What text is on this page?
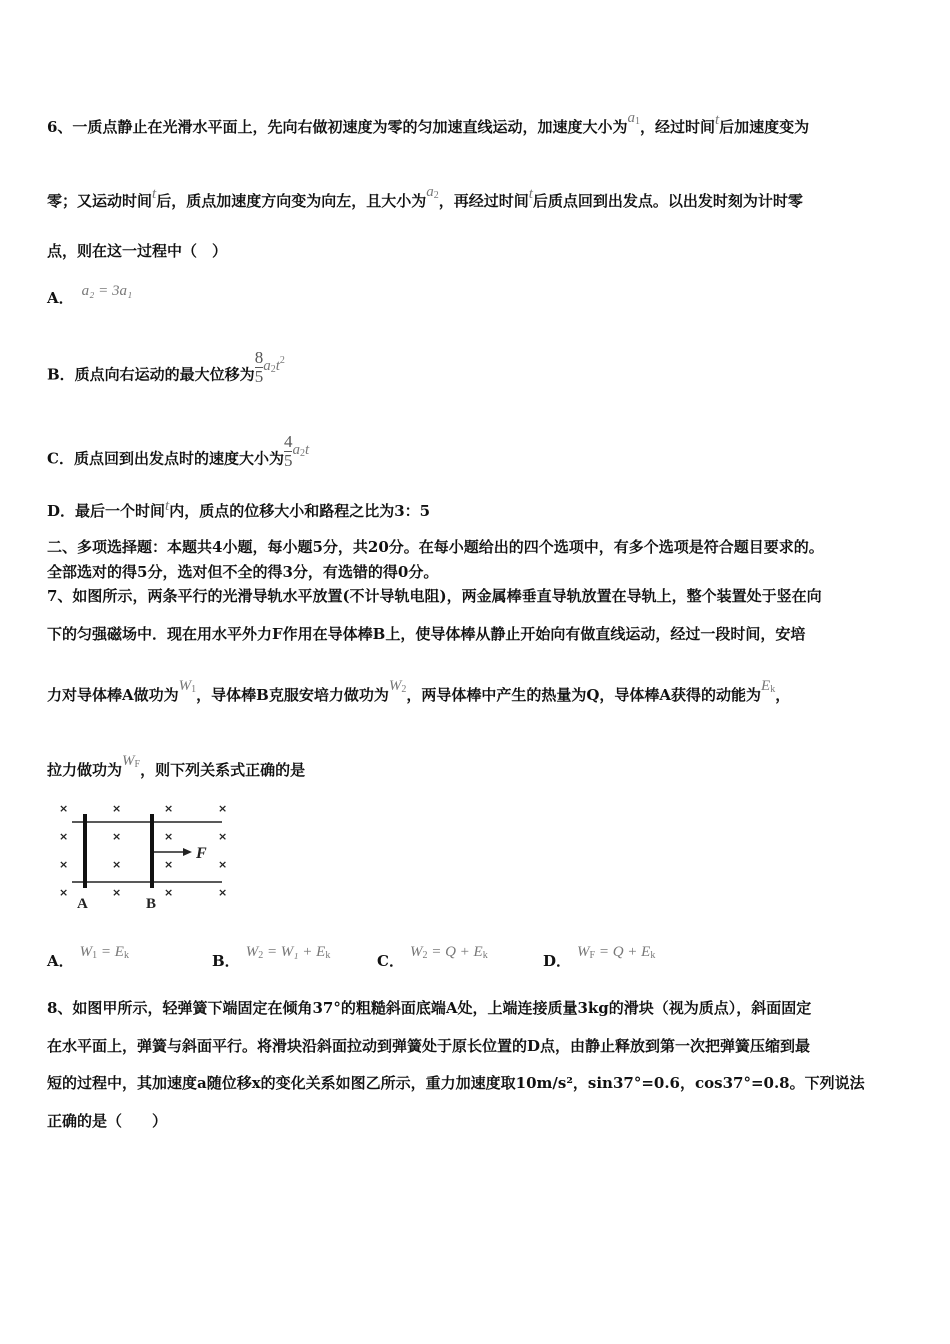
6、一质点静止在光滑水平面上，先向右做初速度为零的匀加速直线运动，加速度大小为$a_1$，经过时间t后加速度变为
零；又运动时间t后，质点加速度方向变为向左，且大小为$a_2$，再经过时间t后质点回到出发点。以出发时刻为计时零
点，则在这一过程中（　）
A． a₂ = 3a₁
B．质点向右运动的最大位移为 $\frac{8}{5} a_2t^2$
C．质点回到出发点时的速度大小为 $\frac{4}{5} a_2t$
D．最后一个时间t内，质点的位移大小和路程之比为3：5
二、多项选择题：本题共4小题，每小题5分，共20分。在每小题给出的四个选项中，有多个选项是符合题目要求的。
全部选对的得5分，选对但不全的得3分，有选错的得0分。
7、如图所示，两条平行的光滑导轨水平放置(不计导轨电阻)，两金属棒垂直导轨放置在导轨上，整个装置处于竖在向
下的匀强磁场中．现在用水平外力F作用在导体棒B上，使导体棒从静止开始向有做直线运动，经过一段时间，安培
力对导体棒A做功为$W_1$，导体棒B克服安培力做功为$W_2$，两导体棒中产生的热量为Q，导体棒A获得的动能为$E_k$，
拉力做功为$W_F$，则下列关系式正确的是
×	×	×	×
×	×	×	×
×	×	×	×
×	×	×	×
F
A	B
A． $W_1 = E_k$	B． $W_2 = W_1 + E_k$	C． $W_2 = Q + E_k$	D． $W_F = Q + E_k$
8、如图甲所示，轻弹簧下端固定在倾角37°的粗糙斜面底端A处，上端连接质量3kg的滑块（视为质点），斜面固定
在水平面上，弹簧与斜面平行。将滑块沿斜面拉动到弹簧处于原长位置的D点，由静止释放到第一次把弹簧压缩到最
短的过程中，其加速度a随位移x的变化关系如图乙所示，重力加速度取10m/s²，sin37°=0.6，cos37°=0.8。下列说法
正确的是（　　）
